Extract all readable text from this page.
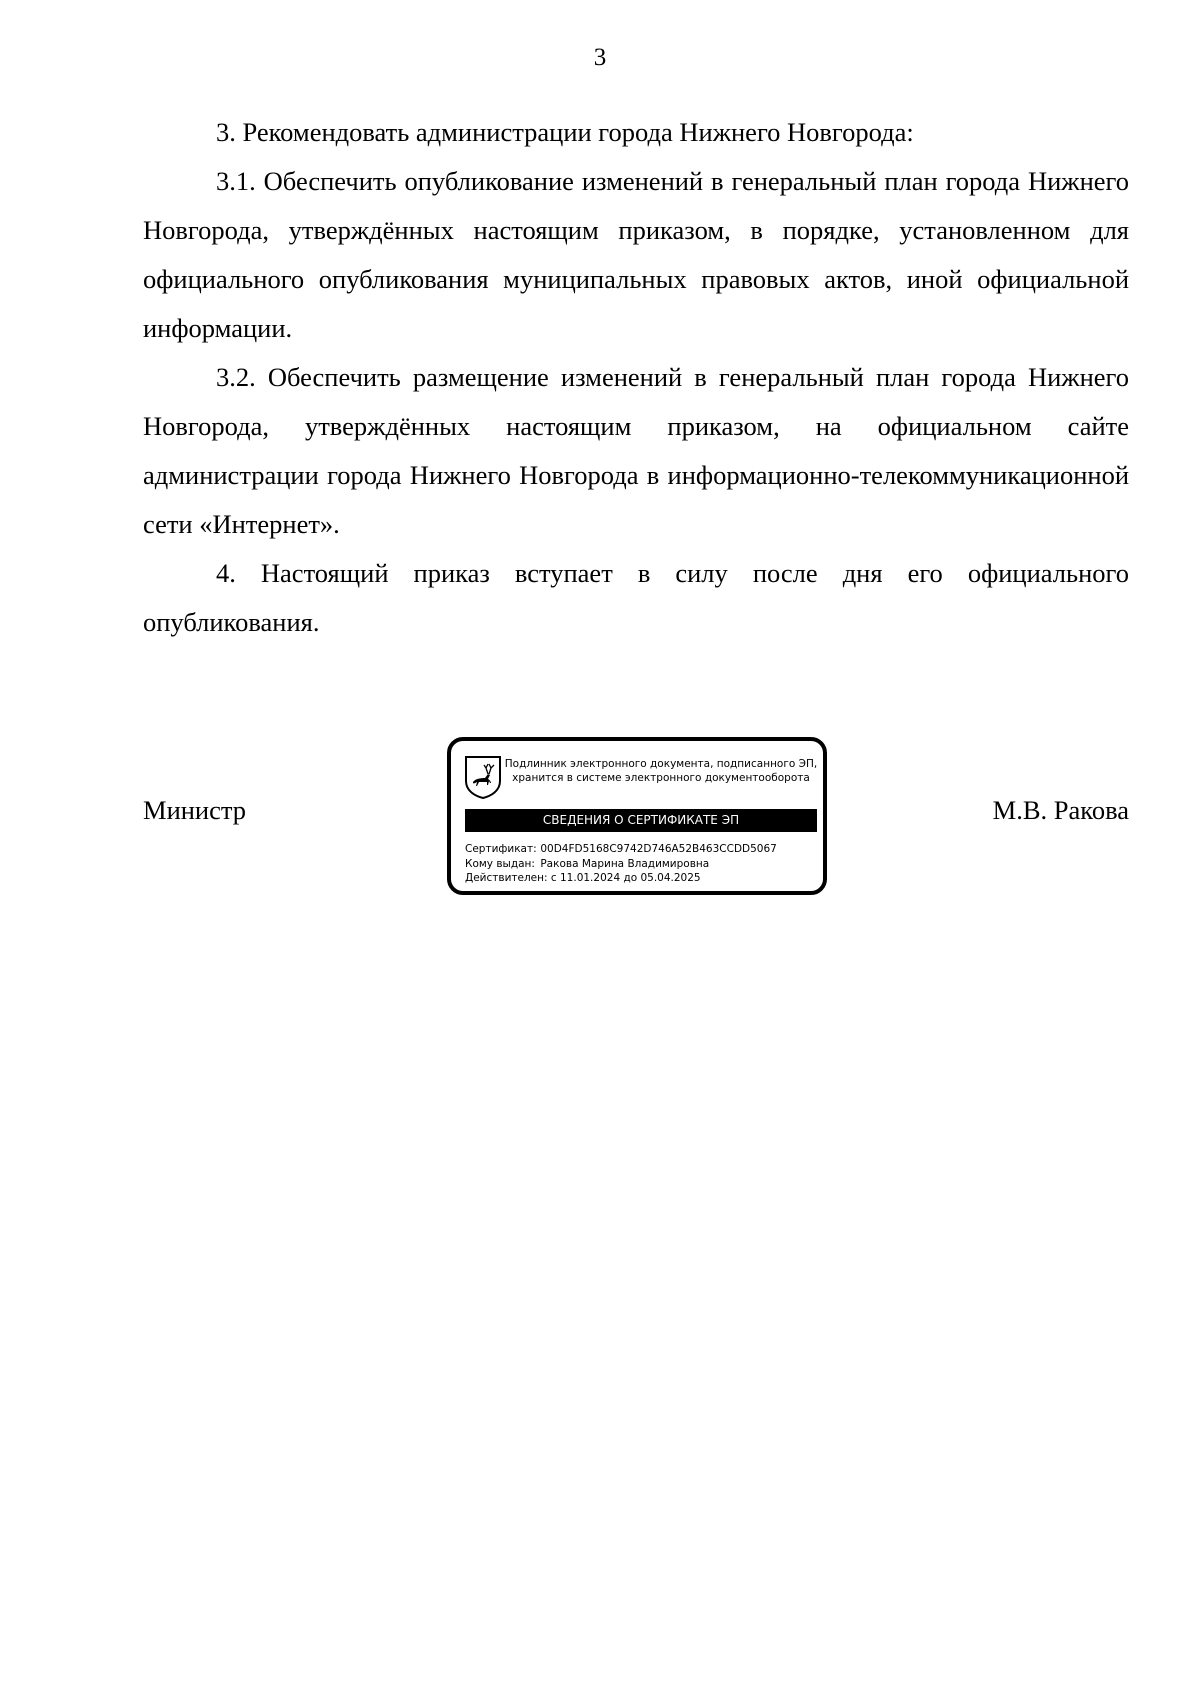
3

3. Рекомендовать администрации города Нижнего Новгорода:

3.1. Обеспечить опубликование изменений в генеральный план города Нижнего Новгорода, утверждённых настоящим приказом, в порядке, установленном для официального опубликования муниципальных правовых актов, иной официальной информации.

3.2. Обеспечить размещение изменений в генеральный план города Нижнего Новгорода, утверждённых настоящим приказом, на официальном сайте администрации города Нижнего Новгорода в информационно-телекоммуникационной сети «Интернет».

4. Настоящий приказ вступает в силу после дня его официального опубликования.

Министр	М.В. Ракова
Подлинник электронного документа, подписанного ЭП,
хранится в системе электронного документооборота
СВЕДЕНИЯ О СЕРТИФИКАТЕ ЭП
Сертификат: 00D4FD5168C9742D746A52B463CCDD5067
Кому выдан: Ракова Марина Владимировна
Действителен: с 11.01.2024 до 05.04.2025
